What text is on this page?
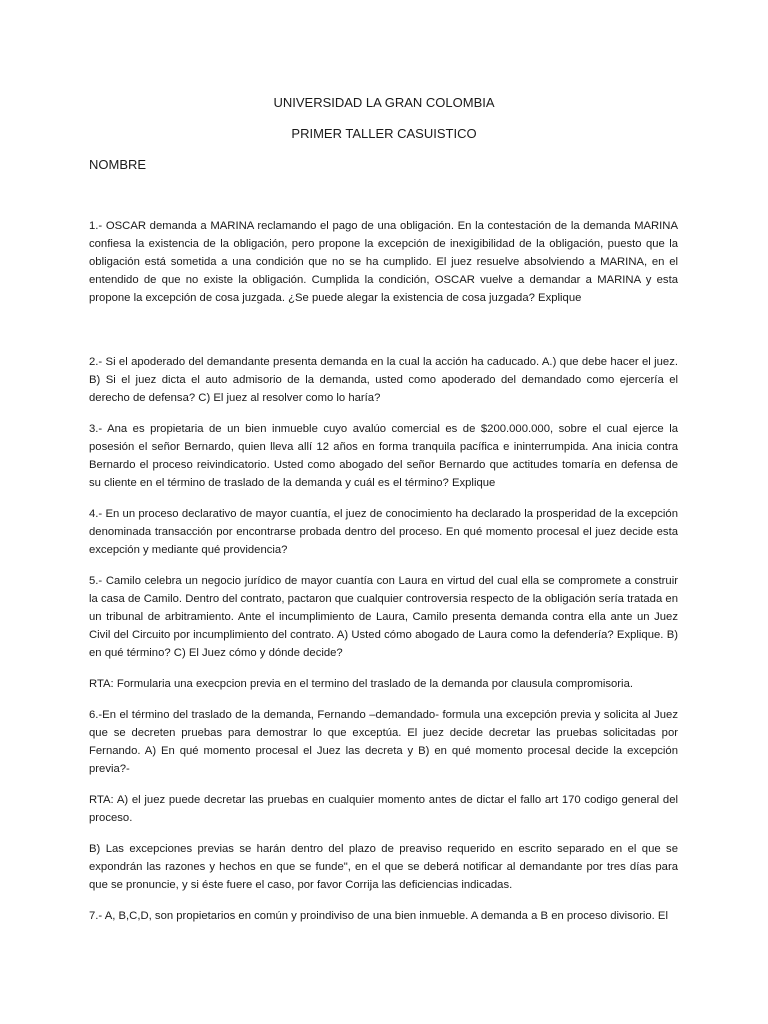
UNIVERSIDAD LA GRAN COLOMBIA
PRIMER TALLER CASUISTICO
NOMBRE

1.- OSCAR demanda a MARINA reclamando el pago de una obligación. En la contestación de la demanda MARINA confiesa la existencia de la obligación, pero propone la excepción de inexigibilidad de la obligación, puesto que la obligación está sometida a una condición que no se ha cumplido. El juez resuelve absolviendo a MARINA, en el entendido de que no existe la obligación. Cumplida la condición, OSCAR vuelve a demandar a MARINA y esta propone la excepción de cosa juzgada. ¿Se puede alegar la existencia de cosa juzgada? Explique

2.- Si el apoderado del demandante presenta demanda en la cual la acción ha caducado. A.) que debe hacer el juez. B) Si el juez dicta el auto admisorio de la demanda, usted como apoderado del demandado como ejercería el derecho de defensa? C) El juez al resolver como lo haría?

3.- Ana es propietaria de un bien inmueble cuyo avalúo comercial es de $200.000.000, sobre el cual ejerce la posesión el señor Bernardo, quien lleva allí 12 años en forma tranquila pacífica e ininterrumpida. Ana inicia contra Bernardo el proceso reivindicatorio. Usted como abogado del señor Bernardo que actitudes tomaría en defensa de su cliente en el término de traslado de la demanda y cuál es el término? Explique

4.- En un proceso declarativo de mayor cuantía, el juez de conocimiento ha declarado la prosperidad de la excepción denominada transacción por encontrarse probada dentro del proceso. En qué momento procesal el juez decide esta excepción y mediante qué providencia?

5.- Camilo celebra un negocio jurídico de mayor cuantía con Laura en virtud del cual ella se compromete a construir la casa de Camilo. Dentro del contrato, pactaron que cualquier controversia respecto de la obligación sería tratada en un tribunal de arbitramiento. Ante el incumplimiento de Laura, Camilo presenta demanda contra ella ante un Juez Civil del Circuito por incumplimiento del contrato. A) Usted cómo abogado de Laura como la defendería? Explique. B) en qué término? C) El Juez cómo y dónde decide?

RTA: Formularia una execpcion previa en el termino del traslado de la demanda por clausula compromisoria.

6.-En el término del traslado de la demanda, Fernando –demandado- formula una excepción previa y solicita al Juez que se decreten pruebas para demostrar lo que exceptúa. El juez decide decretar las pruebas solicitadas por Fernando. A) En qué momento procesal el Juez las decreta y B) en qué momento procesal decide la excepción previa?-

RTA: A) el juez puede decretar las pruebas en cualquier momento antes de dictar el fallo art 170 codigo general del proceso.

B) Las excepciones previas se harán dentro del plazo de preaviso requerido en escrito separado en el que se expondrán las razones y hechos en que se funde", en el que se deberá notificar al demandante por tres días para que se pronuncie, y si éste fuere el caso, por favor Corrija las deficiencias indicadas.

7.- A, B,C,D, son propietarios en común y proindiviso de una bien inmueble. A demanda a B en proceso divisorio. El
